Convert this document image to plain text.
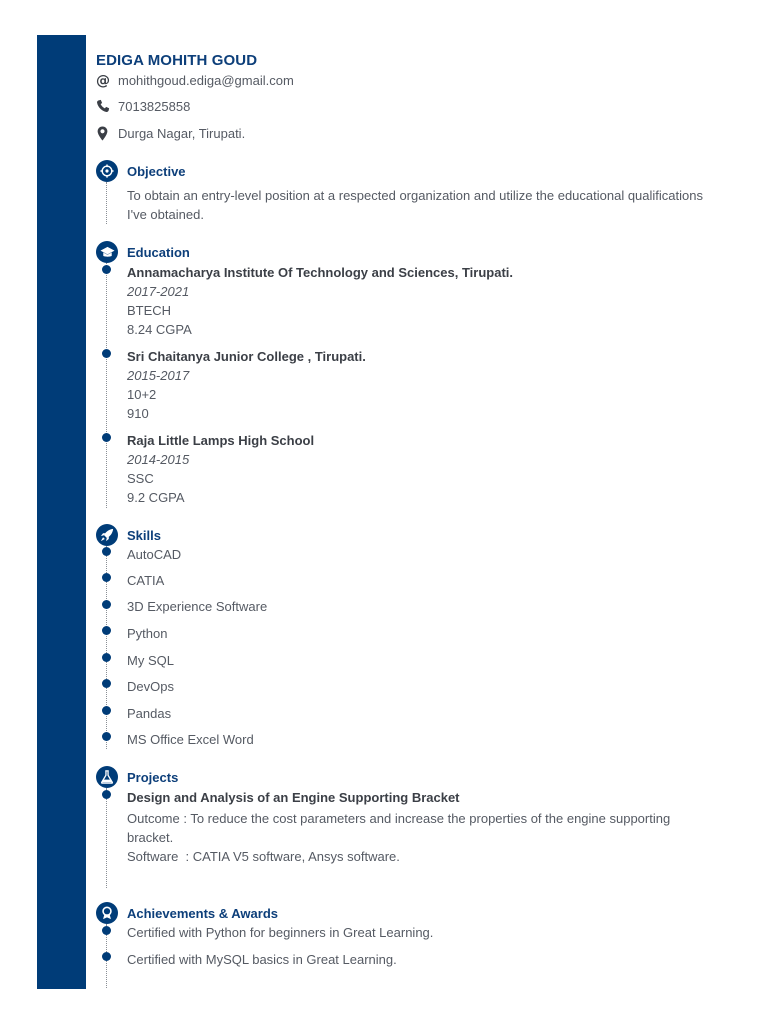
EDIGA MOHITH GOUD
@ mohithgoud.ediga@gmail.com
7013825858
Durga Nagar, Tirupati.
Objective
To obtain an entry-level position at a respected organization and utilize the educational qualifications I've obtained.
Education
Annamacharya Institute Of Technology and Sciences, Tirupati.
2017-2021
BTECH
8.24 CGPA
Sri Chaitanya Junior College , Tirupati.
2015-2017
10+2
910
Raja Little Lamps High School
2014-2015
SSC
9.2 CGPA
Skills
AutoCAD
CATIA
3D Experience Software
Python
My SQL
DevOps
Pandas
MS Office Excel Word
Projects
Design and Analysis of an Engine Supporting Bracket
Outcome : To reduce the cost parameters and increase the properties of the engine supporting bracket.
Software  : CATIA V5 software, Ansys software.
Achievements & Awards
Certified with Python for beginners in Great Learning.
Certified with MySQL basics in Great Learning.
